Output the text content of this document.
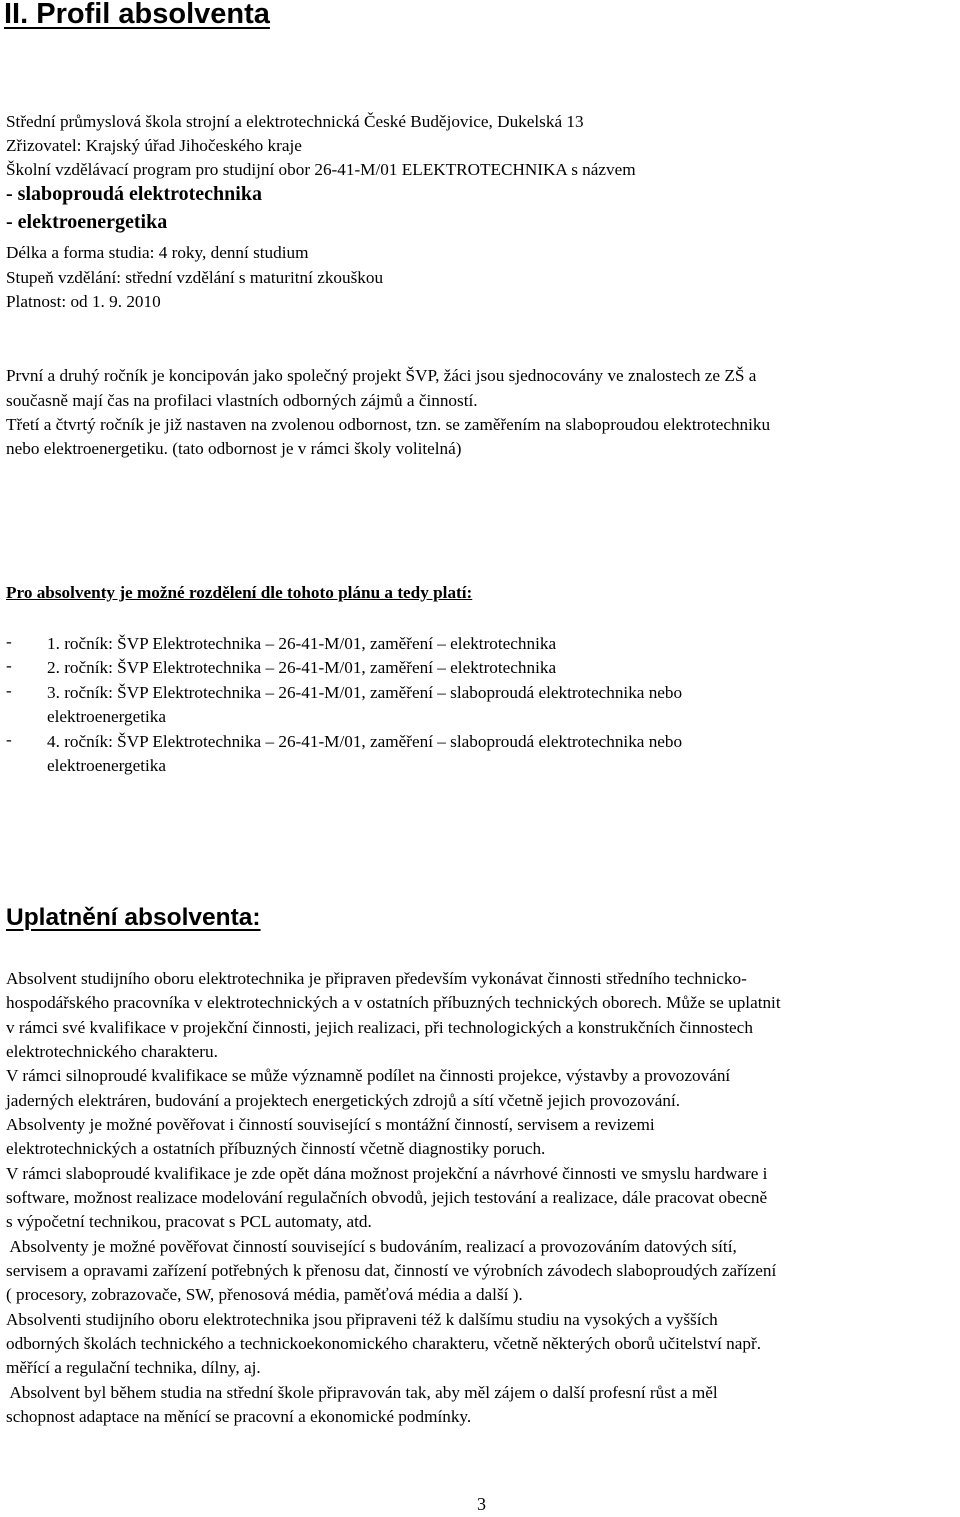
II. Profil absolventa
Střední průmyslová škola strojní a elektrotechnická České Budějovice, Dukelská 13
Zřizovatel: Krajský úřad Jihočeského kraje
Školní vzdělávací program pro studijní obor 26-41-M/01 ELEKTROTECHNIKA s názvem
- slaboproudá elektrotechnika
- elektroenergetika
Délka a forma studia: 4 roky, denní studium
Stupeň vzdělání: střední vzdělání s maturitní zkouškou
Platnost: od 1. 9. 2010
První a druhý ročník je koncipován jako společný projekt ŠVP, žáci jsou sjednocovány ve znalostech ze ZŠ a
současně mají čas na profilaci vlastních odborných zájmů a činností.
Třetí a čtvrtý ročník je již nastaven na zvolenou odbornost, tzn. se zaměřením na slaboproudou elektrotechniku
nebo elektroenergetiku. (tato odbornost je v rámci školy volitelná)
Pro absolventy je možné rozdělení dle tohoto plánu a tedy platí:
- 1. ročník: ŠVP Elektrotechnika – 26-41-M/01, zaměření – elektrotechnika
- 2. ročník: ŠVP Elektrotechnika – 26-41-M/01, zaměření – elektrotechnika
- 3. ročník: ŠVP Elektrotechnika – 26-41-M/01, zaměření – slaboproudá elektrotechnika nebo
elektroenergetika
- 4. ročník: ŠVP Elektrotechnika – 26-41-M/01, zaměření – slaboproudá elektrotechnika nebo
elektroenergetika
Uplatnění absolventa:
Absolvent studijního oboru elektrotechnika je připraven především vykonávat činnosti středního technicko-
hospodářského pracovníka v elektrotechnických a v ostatních příbuzných technických oborech. Může se uplatnit
v rámci své kvalifikace v projekční činnosti, jejich realizaci, při technologických a konstrukčních činnostech
elektrotechnického charakteru.
V rámci silnoproudé kvalifikace se může významně podílet na činnosti projekce, výstavby a provozování
jaderných elektráren, budování a projektech energetických zdrojů a sítí včetně jejich provozování.
Absolventy je možné pověřovat i činností související s montážní činností, servisem a revizemi
elektrotechnických a ostatních příbuzných činností včetně diagnostiky poruch.
V rámci slaboproudé kvalifikace je zde opět dána možnost projekční a návrhové činnosti ve smyslu hardware i
software, možnost realizace modelování regulačních obvodů, jejich testování a realizace, dále pracovat obecně
s výpočetní technikou, pracovat s PCL automaty, atd.
Absolventy je možné pověřovat činností související s budováním, realizací a provozováním datových sítí,
servisem a opravami zařízení potřebných k přenosu dat, činností ve výrobních závodech slaboproudých zařízení
( procesory, zobrazovače, SW, přenosová média, paměťová média a další ).
Absolventi studijního oboru elektrotechnika jsou připraveni též k dalšímu studiu na vysokých a vyšších
odborných školách technického a technickoekonomického charakteru, včetně některých oborů učitelství např.
měřící a regulační technika, dílny, aj.
Absolvent byl během studia na střední škole připravován tak, aby měl zájem o další profesní růst a měl
schopnost adaptace na měnící se pracovní a ekonomické podmínky.
3
